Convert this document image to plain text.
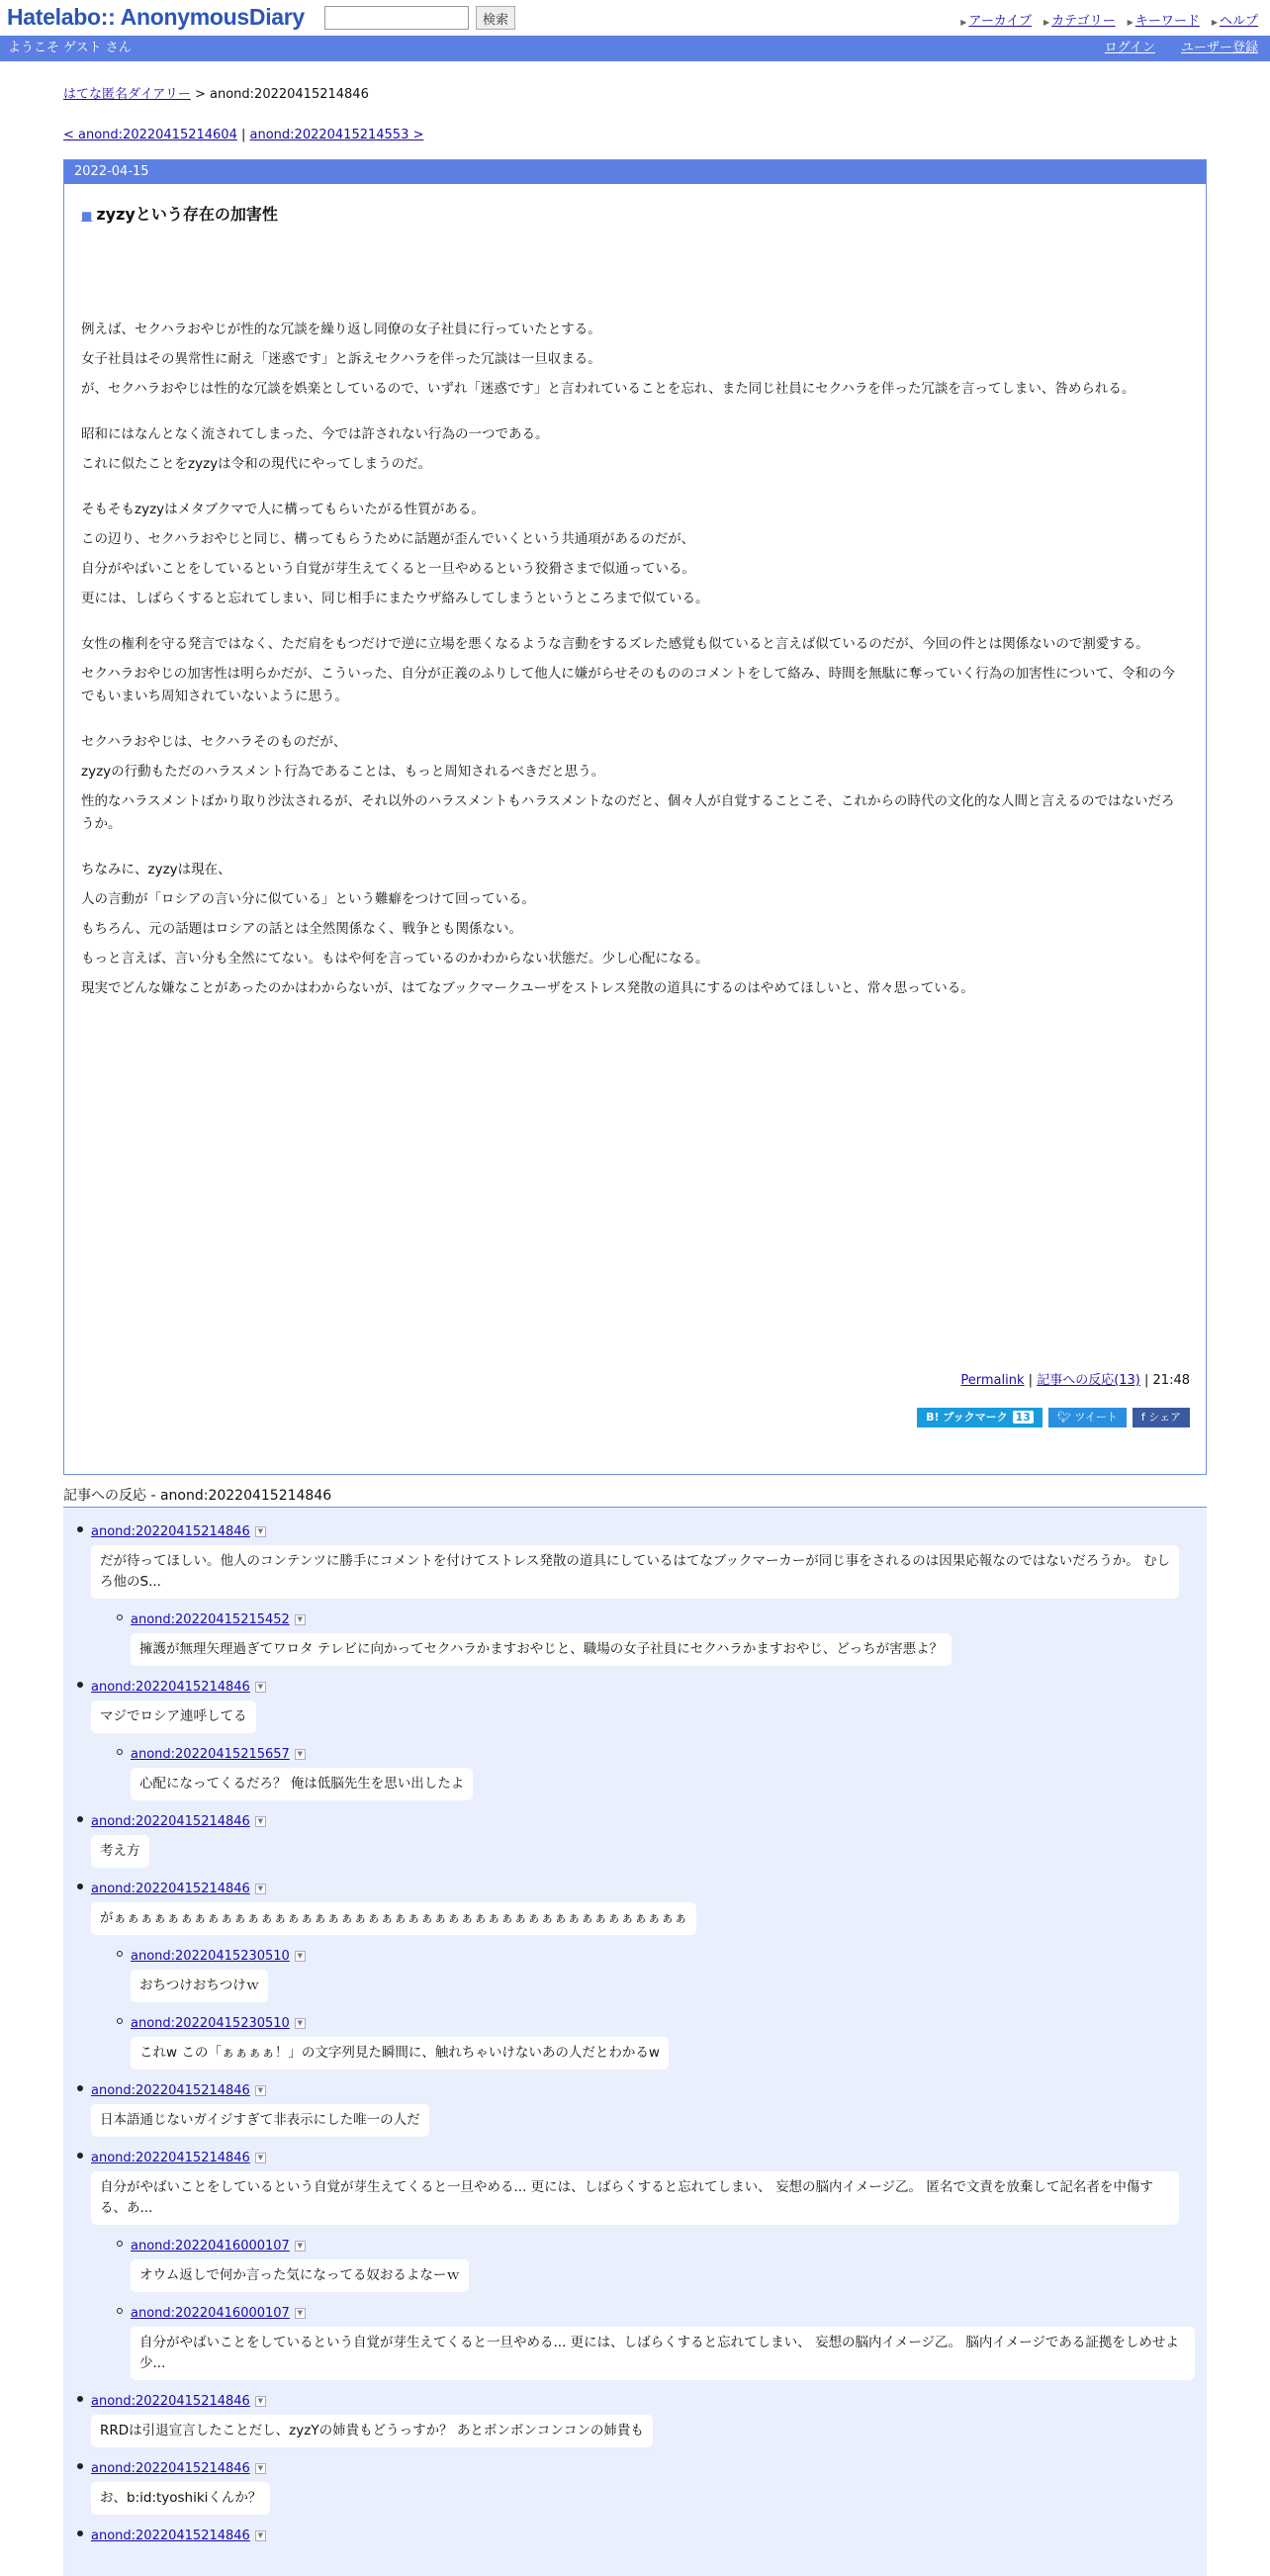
Hatelabo:: AnonymousDiary	検索	▶ アーカイブ	▶ カテゴリー	▶ キーワード	▶ ヘルプ
ようこそ ゲスト さん	ログイン ユーザー登録
はてな匿名ダイアリー > anond:20220415214846
< anond:20220415214604 | anond:20220415214553 >
2022-04-15
■ zyzyという存在の加害性

例えば、セクハラおやじが性的な冗談を繰り返し同僚の女子社員に行っていたとする。

女子社員はその異常性に耐え「迷惑です」と訴えセクハラを伴った冗談は一旦収まる。

が、セクハラおやじは性的な冗談を娯楽としているので、いずれ「迷惑です」と言われていることを忘れ、また同じ社員にセクハラを伴った冗談を言ってしまい、咎められる。

昭和にはなんとなく流されてしまった、今では許されない行為の一つである。

これに似たことをzyzyは令和の現代にやってしまうのだ。

そもそもzyzyはメタブクマで人に構ってもらいたがる性質がある。

この辺り、セクハラおやじと同じ、構ってもらうために話題が歪んでいくという共通項があるのだが、

自分がやばいことをしているという自覚が芽生えてくると一旦やめるという狡猾さまで似通っている。

更には、しばらくすると忘れてしまい、同じ相手にまたウザ絡みしてしまうというところまで似ている。

女性の権利を守る発言ではなく、ただ肩をもつだけで逆に立場を悪くなるような言動をするズレた感覚も似ていると言えば似ているのだが、今回の件とは関係ないので割愛する。

セクハラおやじの加害性は明らかだが、こういった、自分が正義のふりして他人に嫌がらせそのもののコメントをして絡み、時間を無駄に奪っていく行為の加害性について、令和の今でもいまいち周知されていないように思う。

セクハラおやじは、セクハラそのものだが、

zyzyの行動もただのハラスメント行為であることは、もっと周知されるべきだと思う。

性的なハラスメントばかり取り沙汰されるが、それ以外のハラスメントもハラスメントなのだと、個々人が自覚することこそ、これからの時代の文化的な人間と言えるのではないだろうか。

ちなみに、zyzyは現在、

人の言動が「ロシアの言い分に似ている」という難癖をつけて回っている。

もちろん、元の話題はロシアの話とは全然関係なく、戦争とも関係ない。

もっと言えば、言い分も全然にてない。もはや何を言っているのかわからない状態だ。少し心配になる。

現実でどんな嫌なことがあったのかはわからないが、はてなブックマークユーザをストレス発散の道具にするのはやめてほしいと、常々思っている。

Permalink | 記事への反応(13) | 21:48
B! ブックマーク 13	🐦︎ ツイート	f シェア
記事への反応 - anond:20220415214846
anond:20220415214846 ▼
だが待ってほしい。他人のコンテンツに勝手にコメントを付けてストレス発散の道具にしているはてなブックマーカーが同じ事をされるのは因果応報なのではないだろうか。 むしろ他のS...
anond:20220415215452 ▼
擁護が無理矢理過ぎてワロタ テレビに向かってセクハラかますおやじと、職場の女子社員にセクハラかますおやじ、どっちが害悪よ？
anond:20220415214846 ▼
マジでロシア連呼してる
anond:20220415215657 ▼
心配になってくるだろ？ 俺は低脳先生を思い出したよ
anond:20220415214846 ▼
考え方
anond:20220415214846 ▼
がぁぁぁぁぁぁぁぁぁぁぁぁぁぁぁぁぁぁぁぁぁぁぁぁぁぁぁぁぁぁぁぁぁぁぁぁぁぁぁぁぁぁぁ
anond:20220415230510 ▼
おちつけおちつけｗ
anond:20220415230510 ▼
これw この「ぁぁぁぁ！」の文字列見た瞬間に、触れちゃいけないあの人だとわかるw
anond:20220415214846 ▼
日本語通じないガイジすぎて非表示にした唯一の人だ
anond:20220415214846 ▼
自分がやばいことをしているという自覚が芽生えてくると一旦やめる... 更には、しばらくすると忘れてしまい、 妄想の脳内イメージ乙。 匿名で文責を放棄して記名者を中傷する、あ...
anond:20220416000107 ▼
オウム返しで何か言った気になってる奴おるよなーｗ
anond:20220416000107 ▼
自分がやばいことをしているという自覚が芽生えてくると一旦やめる... 更には、しばらくすると忘れてしまい、 妄想の脳内イメージ乙。 脳内イメージである証拠をしめせよ 少...
anond:20220415214846 ▼
RRDは引退宣言したことだし、zyzYの姉貴もどうっすか？ あとボンボンコンコンの姉貴も
anond:20220415214846 ▼
お、b:id:tyoshikiくんか？
anond:20220415214846 ▼
